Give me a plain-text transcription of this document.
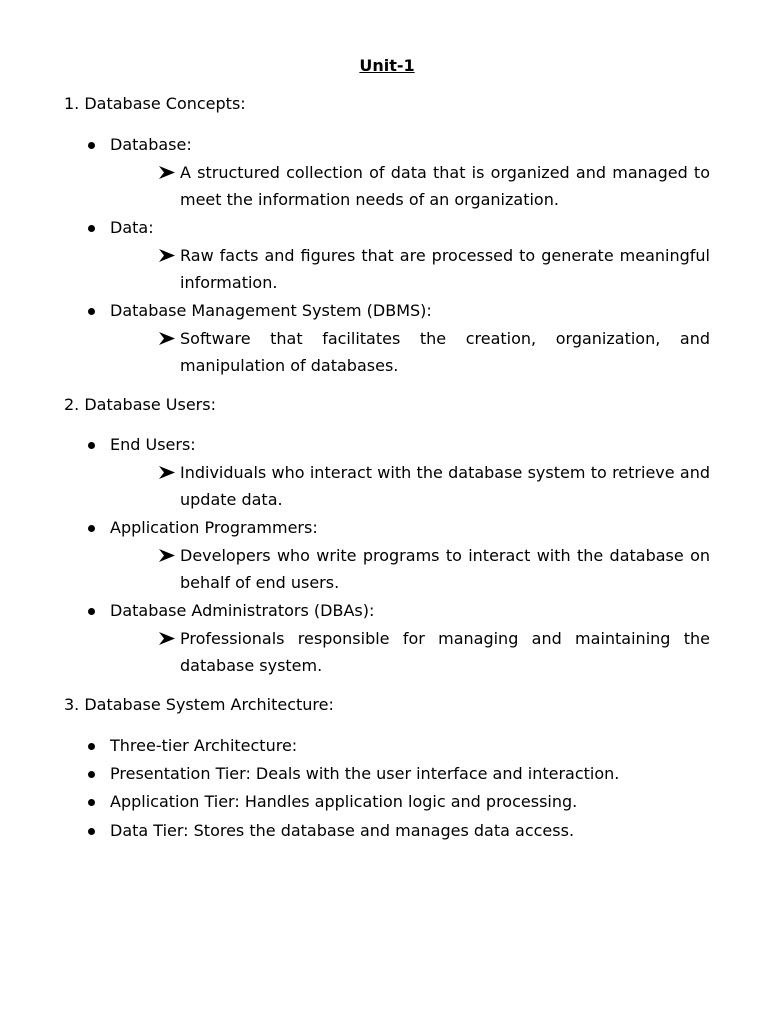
Unit-1
1. Database Concepts:
Database:
A structured collection of data that is organized and managed to meet the information needs of an organization.
Data:
Raw facts and figures that are processed to generate meaningful information.
Database Management System (DBMS):
Software that facilitates the creation, organization, and manipulation of databases.
2. Database Users:
End Users:
Individuals who interact with the database system to retrieve and update data.
Application Programmers:
Developers who write programs to interact with the database on behalf of end users.
Database Administrators (DBAs):
Professionals responsible for managing and maintaining the database system.
3. Database System Architecture:
Three-tier Architecture:
Presentation Tier: Deals with the user interface and interaction.
Application Tier: Handles application logic and processing.
Data Tier: Stores the database and manages data access.
